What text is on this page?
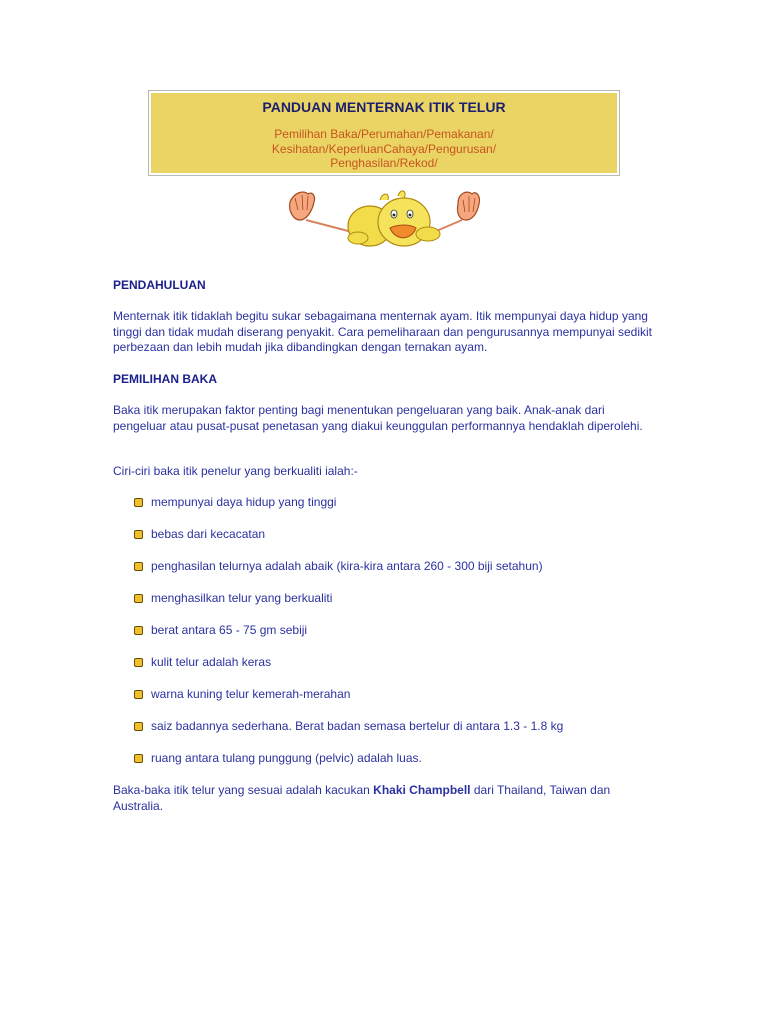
PANDUAN MENTERNAK ITIK TELUR
Pemilihan Baka/Perumahan/Pemakanan/
Kesihatan/KeperluanCahaya/Pengurusan/
Penghasilan/Rekod/
PENDAHULUAN

Menternak itik tidaklah begitu sukar sebagaimana menternak ayam. Itik mempunyai daya hidup yang tinggi dan tidak mudah diserang penyakit. Cara pemeliharaan dan pengurusannya mempunyai sedikit perbezaan dan lebih mudah jika dibandingkan dengan ternakan ayam.

PEMILIHAN BAKA

Baka itik merupakan faktor penting bagi menentukan pengeluaran yang baik. Anak-anak dari pengeluar atau pusat-pusat penetasan yang diakui keunggulan performannya hendaklah diperolehi.

Ciri-ciri baka itik penelur yang berkualiti ialah:-

mempunyai daya hidup yang tinggi
bebas dari kecacatan
penghasilan telurnya adalah abaik (kira-kira antara 260 - 300 biji setahun)
menghasilkan telur yang berkualiti
berat antara 65 - 75 gm sebiji
kulit telur adalah keras
warna kuning telur kemerah-merahan
saiz badannya sederhana. Berat badan semasa bertelur di antara 1.3 - 1.8 kg
ruang antara tulang punggung (pelvic) adalah luas.

Baka-baka itik telur yang sesuai adalah kacukan Khaki Champbell dari Thailand, Taiwan dan Australia.
